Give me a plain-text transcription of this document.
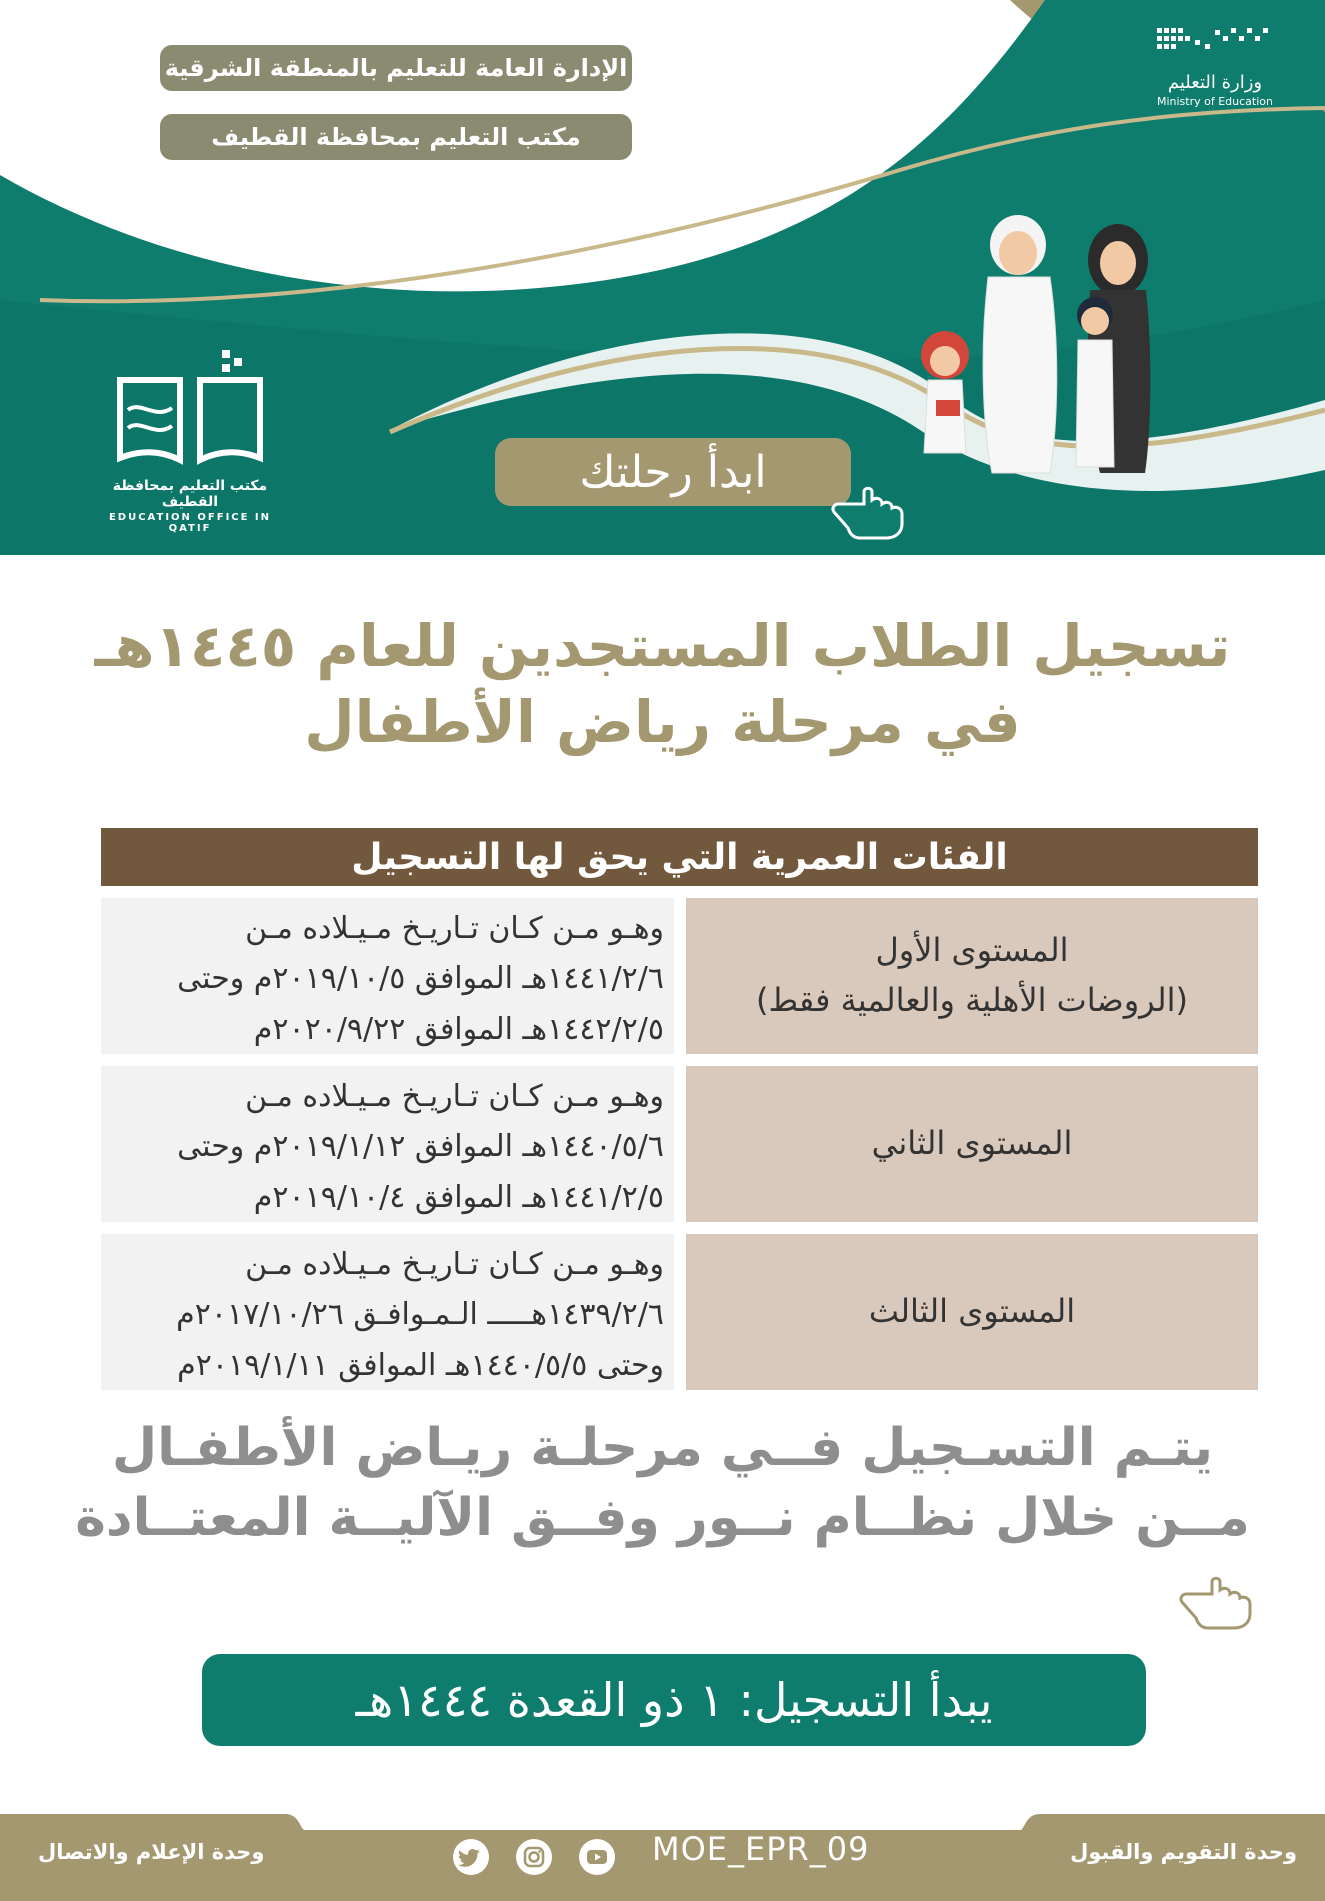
الإدارة العامة للتعليم بالمنطقة الشرقية
مكتب التعليم بمحافظة القطيف
وزارة التعليم
Ministry of Education
مكتب التعليم بمحافظة القطيف
EDUCATION OFFICE IN QATIF
ابدأ رحلتك
تسجيل الطلاب المستجدين للعام ١٤٤٥هـ
في مرحلة رياض الأطفال
الفئات العمرية التي يحق لها التسجيل
المستوى الأول
(الروضات الأهلية والعالمية فقط)
وهـو مـن كـان تـاريـخ مـيـلاده مـن
١٤٤١/٢/٦هـ الموافق ٢٠١٩/١٠/٥م وحتى
١٤٤٢/٢/٥هـ الموافق ٢٠٢٠/٩/٢٢م
المستوى الثاني
وهـو مـن كـان تـاريـخ مـيـلاده مـن
١٤٤٠/٥/٦هـ الموافق ٢٠١٩/١/١٢م وحتى
١٤٤١/٢/٥هـ الموافق ٢٠١٩/١٠/٤م
المستوى الثالث
وهـو مـن كـان تـاريـخ مـيـلاده مـن
١٤٣٩/٢/٦هـــــ الـمـوافـق ٢٠١٧/١٠/٢٦م
وحتى ١٤٤٠/٥/٥هـ الموافق ٢٠١٩/١/١١م
يتـم التسـجيل فــي مرحلـة ريـاض الأطفـال
مــن خلال نظــام نــور وفــق الآليــة المعتــادة
يبدأ التسجيل: ١ ذو القعدة ١٤٤٤هـ
وحدة الإعلام والاتصال	وحدة التقويم والقبول
MOE_EPR_09
